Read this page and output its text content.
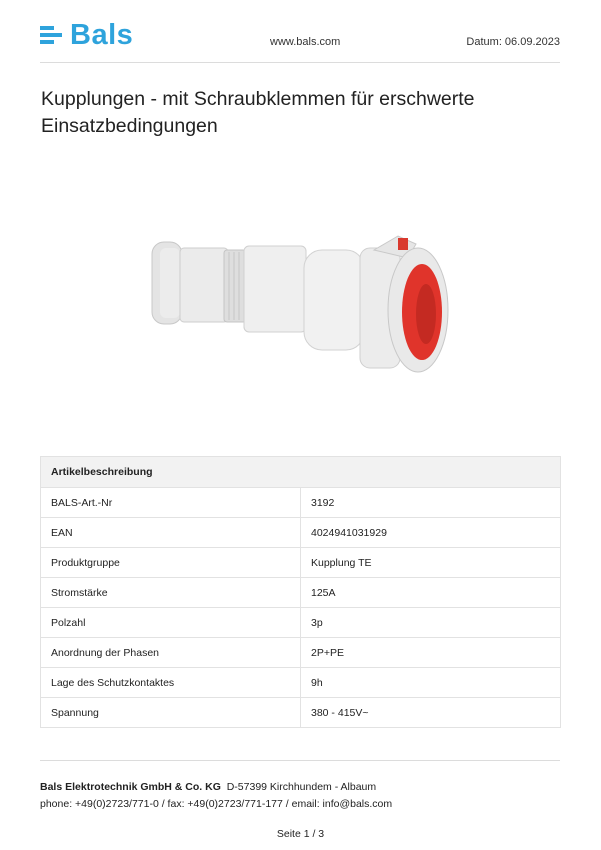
Bals	www.bals.com	Datum: 06.09.2023
Kupplungen - mit Schraubklemmen für erschwerte Einsatzbedingungen
Artikelbeschreibung	
BALS-Art.-Nr	3192
EAN	4024941031929
Produktgruppe	Kupplung TE
Stromstärke	125A
Polzahl	3p
Anordnung der Phasen	2P+PE
Lage des Schutzkontaktes	9h
Spannung	380 - 415V~
Bals Elektrotechnik GmbH & Co. KG D-57399 Kirchhundem - Albaum
phone: +49(0)2723/771-0 / fax: +49(0)2723/771-177 / email: info@bals.com
Seite 1 / 3
